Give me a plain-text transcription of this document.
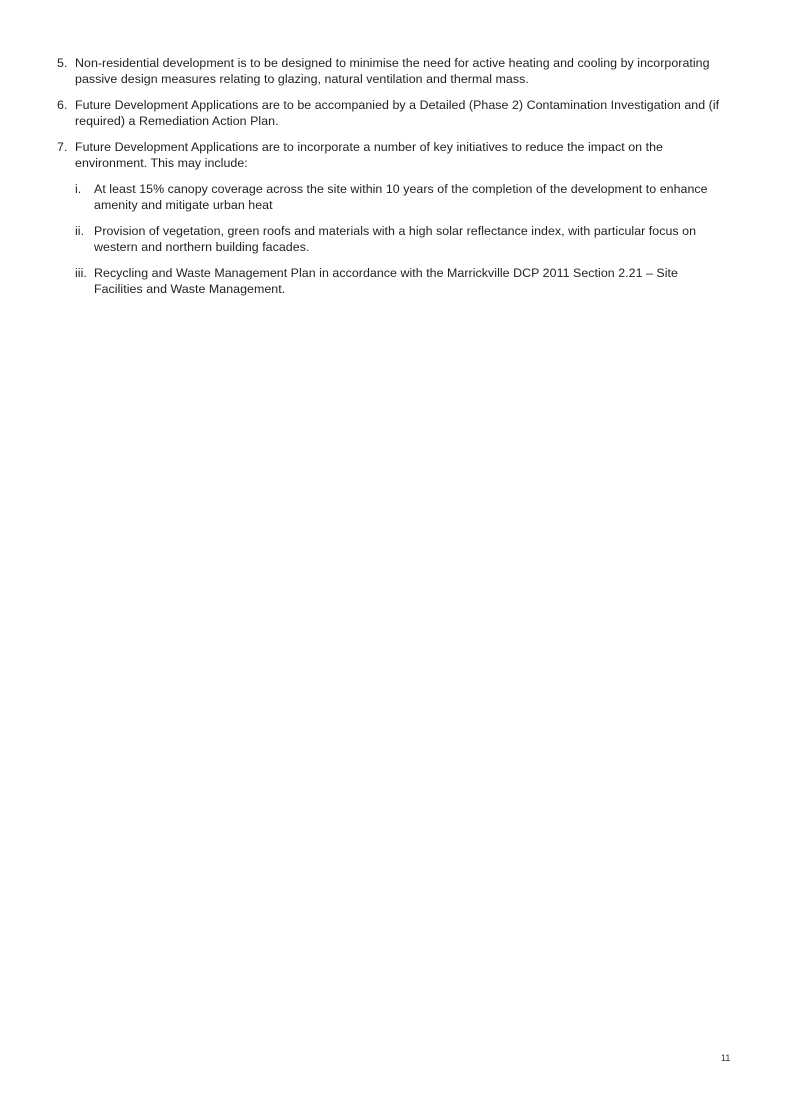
5. Non-residential development is to be designed to minimise the need for active heating and cooling by incorporating passive design measures relating to glazing, natural ventilation and thermal mass.
6. Future Development Applications are to be accompanied by a Detailed (Phase 2) Contamination Investigation and (if required) a Remediation Action Plan.
7. Future Development Applications are to incorporate a number of key initiatives to reduce the impact on the environment. This may include:
i.	At least 15% canopy coverage across the site within 10 years of the completion of the development to enhance amenity and mitigate urban heat
ii. Provision of vegetation, green roofs and materials with a high solar reflectance index, with particular focus on western and northern building facades.
iii. Recycling and Waste Management Plan in accordance with the Marrickville DCP 2011 Section 2.21 – Site Facilities and Waste Management.
11
